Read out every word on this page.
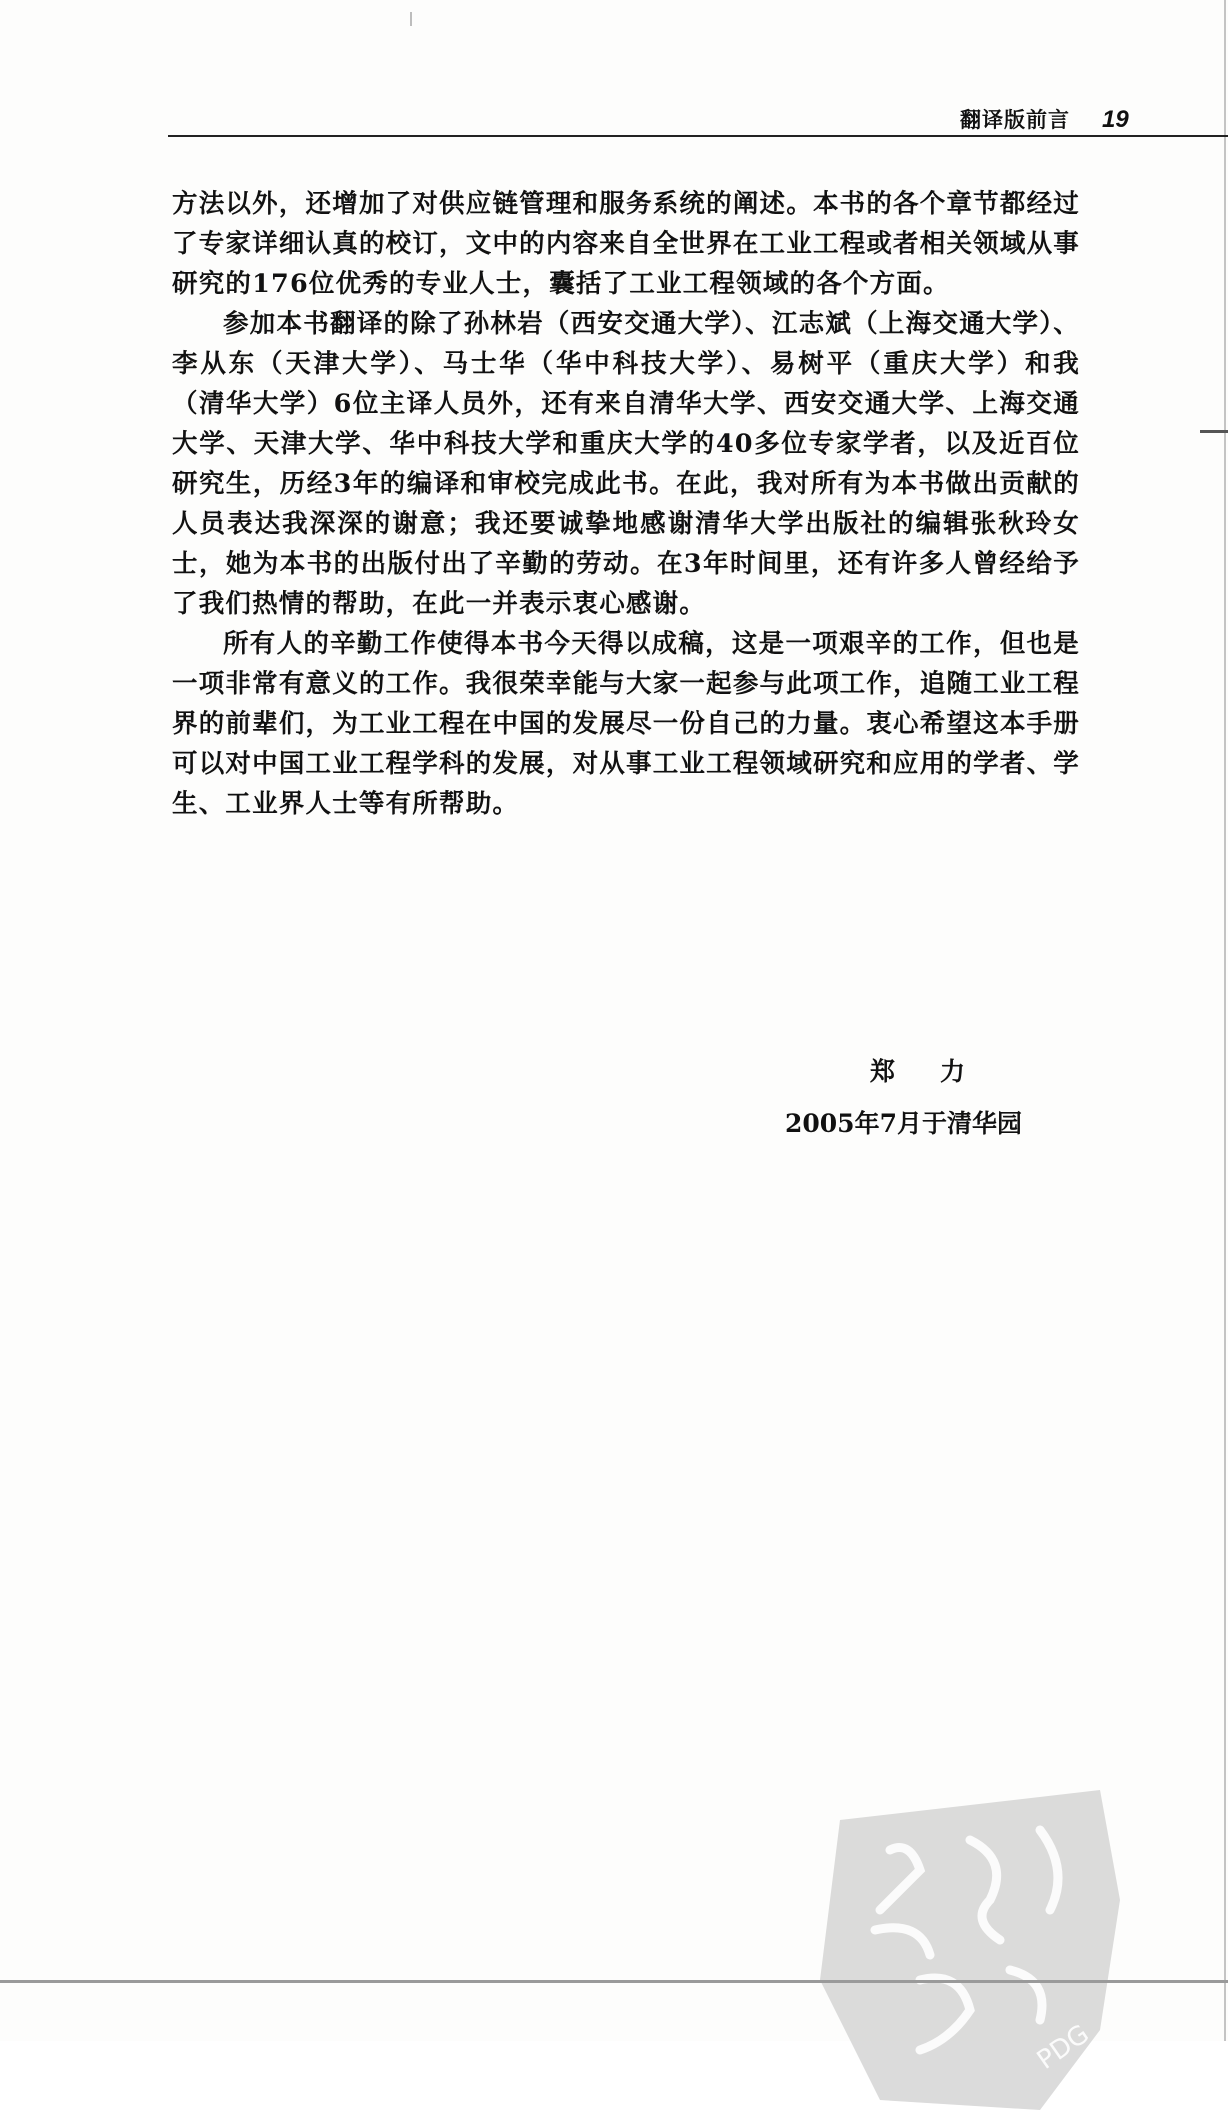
翻译版前言 19

方法以外，还增加了对供应链管理和服务系统的阐述。本书的各个章节都经过了专家详细认真的校订，文中的内容来自全世界在工业工程或者相关领域从事研究的176位优秀的专业人士，囊括了工业工程领域的各个方面。

参加本书翻译的除了孙林岩（西安交通大学）、江志斌（上海交通大学）、李从东（天津大学）、马士华（华中科技大学）、易树平（重庆大学）和我（清华大学）6位主译人员外，还有来自清华大学、西安交通大学、上海交通大学、天津大学、华中科技大学和重庆大学的40多位专家学者，以及近百位研究生，历经3年的编译和审校完成此书。在此，我对所有为本书做出贡献的人员表达我深深的谢意；我还要诚挚地感谢清华大学出版社的编辑张秋玲女士，她为本书的出版付出了辛勤的劳动。在3年时间里，还有许多人曾经给予了我们热情的帮助，在此一并表示衷心感谢。

所有人的辛勤工作使得本书今天得以成稿，这是一项艰辛的工作，但也是一项非常有意义的工作。我很荣幸能与大家一起参与此项工作，追随工业工程界的前辈们，为工业工程在中国的发展尽一份自己的力量。衷心希望这本手册可以对中国工业工程学科的发展，对从事工业工程领域研究和应用的学者、学生、工业界人士等有所帮助。

郑 力
2005年7月于清华园
PDG
